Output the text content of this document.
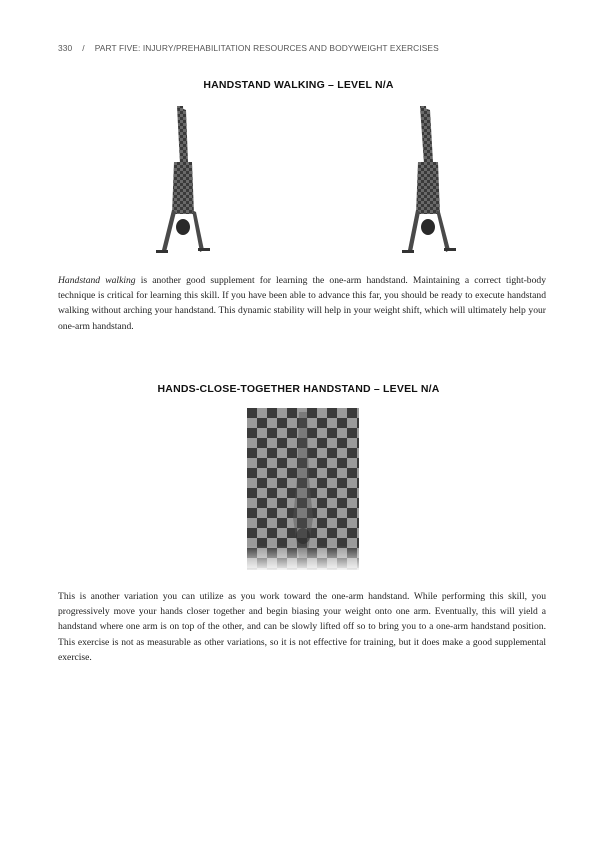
330 / PART FIVE: INJURY/PREHABILITATION RESOURCES AND BODYWEIGHT EXERCISES
HANDSTAND WALKING – LEVEL N/A

Handstand walking is another good supplement for learning the one-arm handstand. Maintaining a correct tight-body technique is critical for learning this skill. If you have been able to advance this far, you should be ready to execute handstand walking without arching your handstand. This dynamic stability will help in your weight shift, which will ultimately help your one-arm handstand.

HANDS-CLOSE-TOGETHER HANDSTAND – LEVEL N/A

This is another variation you can utilize as you work toward the one-arm handstand. While performing this skill, you progressively move your hands closer together and begin biasing your weight onto one arm. Eventually, this will yield a handstand where one arm is on top of the other, and can be slowly lifted off so to bring you to a one-arm handstand position. This exercise is not as measurable as other variations, so it is not effective for training, but it does make a good supplemental exercise.
